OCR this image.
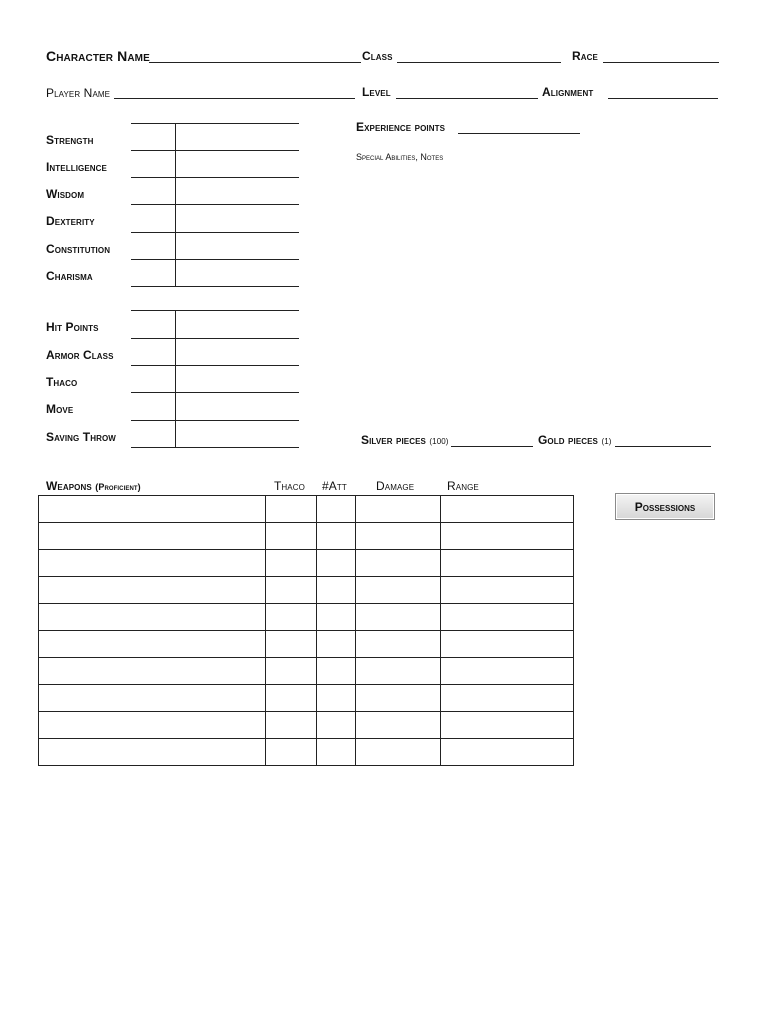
Character Name	Class	Race
Player Name	Level	Alignment
Strength
Intelligence
Wisdom
Dexterity
Constitution
Charisma
Hit Points
Armor Class
Thaco
Move
Saving Throw
Experience points
Special Abilities, Notes
Silver pieces (100)	Gold pieces (1)
Weapons (Proficient)	Thaco #Att Damage	Range

Possessions
